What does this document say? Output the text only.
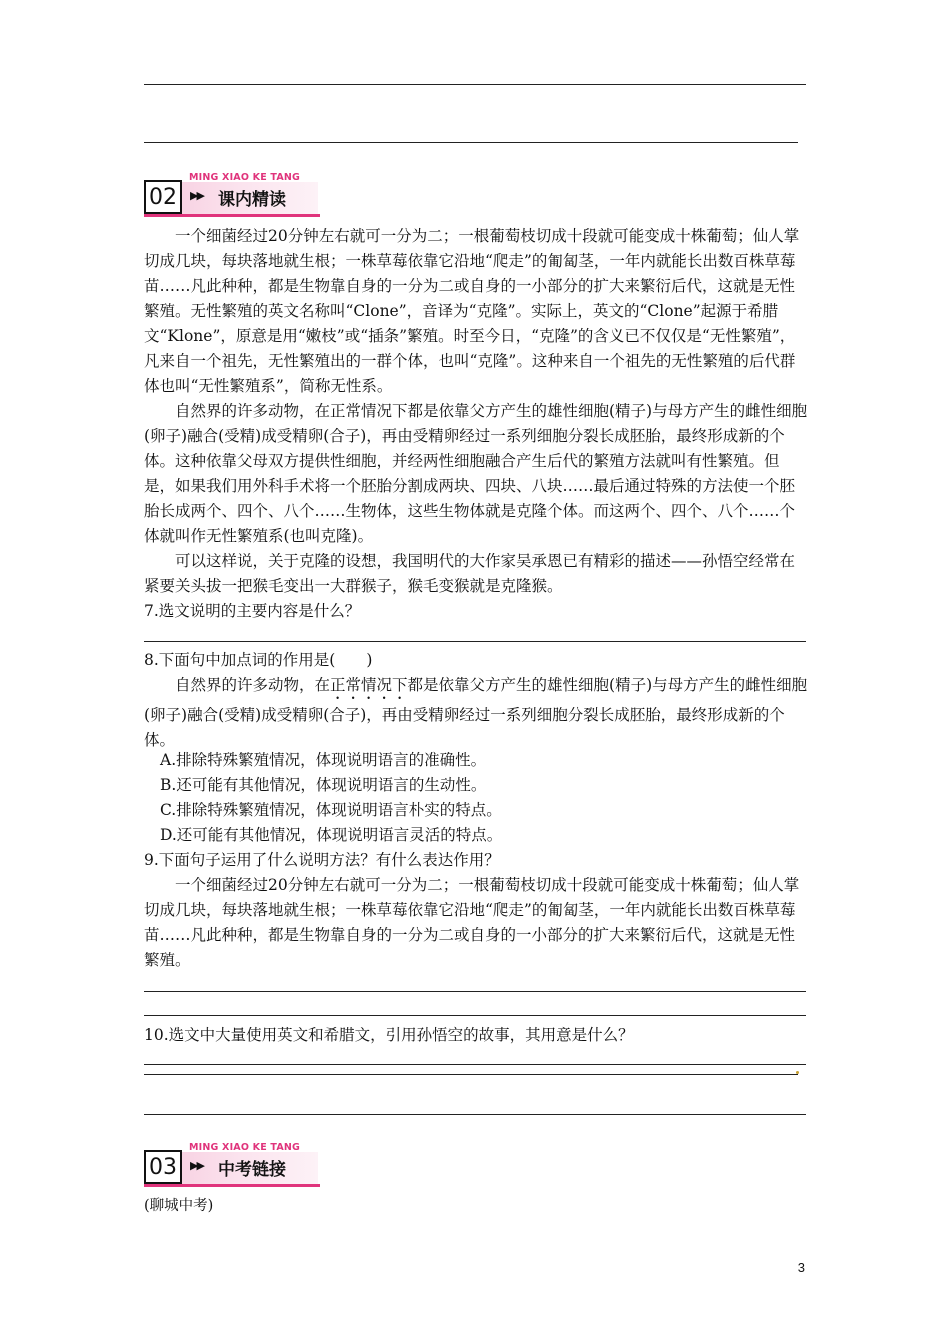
MING XIAO KE TANG
02	▶▶ 课内精读

一个细菌经过20分钟左右就可一分为二；一根葡萄枝切成十段就可能变成十株葡萄；仙人掌切成几块，每块落地就生根；一株草莓依靠它沿地“爬走”的匍匐茎，一年内就能长出数百株草莓苗……凡此种种，都是生物靠自身的一分为二或自身的一小部分的扩大来繁衍后代，这就是无性繁殖。无性繁殖的英文名称叫“Clone”，音译为“克隆”。实际上，英文的“Clone”起源于希腊文“Klone”，原意是用“嫩枝”或“插条”繁殖。时至今日，“克隆”的含义已不仅仅是“无性繁殖”，凡来自一个祖先，无性繁殖出的一群个体，也叫“克隆”。这种来自一个祖先的无性繁殖的后代群体也叫“无性繁殖系”，简称无性系。

自然界的许多动物，在正常情况下都是依靠父方产生的雄性细胞(精子)与母方产生的雌性细胞(卵子)融合(受精)成受精卵(合子)，再由受精卵经过一系列细胞分裂长成胚胎，最终形成新的个体。这种依靠父母双方提供性细胞，并经两性细胞融合产生后代的繁殖方法就叫有性繁殖。但是，如果我们用外科手术将一个胚胎分割成两块、四块、八块……最后通过特殊的方法使一个胚胎长成两个、四个、八个……生物体，这些生物体就是克隆个体。而这两个、四个、八个……个体就叫作无性繁殖系(也叫克隆)。

可以这样说，关于克隆的设想，我国明代的大作家吴承恩已有精彩的描述——孙悟空经常在紧要关头拔一把猴毛变出一大群猴子，猴毛变猴就是克隆猴。

7.选文说明的主要内容是什么？
8.下面句中加点词的作用是(　　)

自然界的许多动物，在正常情况下都是依靠父方产生的雄性细胞(精子)与母方产生的雌性细胞(卵子)融合(受精)成受精卵(合子)，再由受精卵经过一系列细胞分裂长成胚胎，最终形成新的个体。

A.排除特殊繁殖情况，体现说明语言的准确性。
B.还可能有其他情况，体现说明语言的生动性。
C.排除特殊繁殖情况，体现说明语言朴实的特点。
D.还可能有其他情况，体现说明语言灵活的特点。
9.下面句子运用了什么说明方法？有什么表达作用？

一个细菌经过20分钟左右就可一分为二；一根葡萄枝切成十段就可能变成十株葡萄；仙人掌切成几块，每块落地就生根；一株草莓依靠它沿地“爬走”的匍匐茎，一年内就能长出数百株草莓苗……凡此种种，都是生物靠自身的一分为二或自身的一小部分的扩大来繁衍后代，这就是无性繁殖。

10.选文中大量使用英文和希腊文，引用孙悟空的故事，其用意是什么？
MING XIAO KE TANG
03	▶▶ 中考链接
(聊城中考)
3
